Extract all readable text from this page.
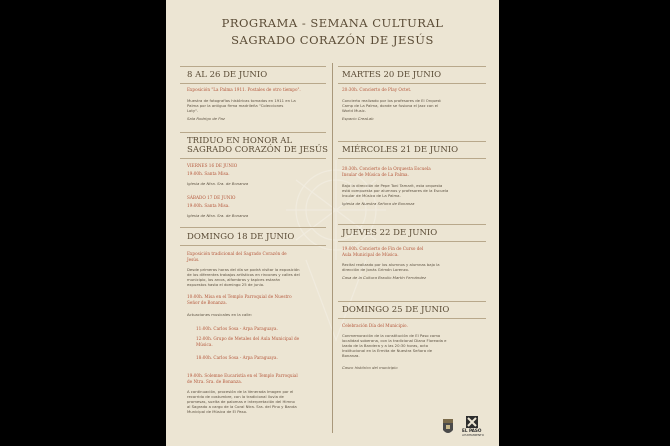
PROGRAMA - SEMANA CULTURAL
SAGRADO CORAZÓN DE JESÚS
8 AL 26 DE JUNIO
Exposición "La Palma 1911. Postales de otro tiempo".
Muestra de fotografías históricas tomadas en 1911 en La
Palma por la antigua firma madrileña "Colecciones
Loty".
Sala Rodrigo de Paz
TRIDUO EN HONOR AL
SAGRADO CORAZÓN DE JESÚS
VIERNES 16 DE JUNIO
19:00h. Santa Misa.
Iglesia de Ntra. Sra. de Bonanza
SÁBADO 17 DE JUNIO
19:00h. Santa Misa.
Iglesia de Ntra. Sra. de Bonanza
DOMINGO 18 DE JUNIO
Exposición tradicional del Sagrado Corazón de
Jesús.
Desde primeras horas del día se podrá visitar la exposición
de los diferentes trabajos artísticos en rincones y calles del
municipio, los arcos, alfombras y tapices estarán
expuestos hasta el domingo 25 de junio.
10:00h. Misa en el Templo Parroquial de Nuestro
Señor de Bonanza.
Actuaciones musicales en la calle:
11:00h. Carlos Sosa - Arpa Paraguaya.
12:00h. Grupo de Metales del Aula Municipal de
Música.
18:00h. Carlos Sosa - Arpa Paraguaya.
19:00h. Solemne Eucaristía en el Templo Parroquial
de Ntra. Sra. de Bonanza.
A continuación, procesión de la Venerada Imagen por el
recorrido de costumbre, con la tradicional lluvia de
promesas, suelta de palomas e interpretación del Himno
al Sagrado a cargo de la Coral Ntra. Sra. del Pino y Banda
Municipal de Música de El Paso.
MARTES 20 DE JUNIO
20:30h. Concierto de Play Octet.
Concierto realizado por los profesores de El Orquest
Camp de La Palma, donde se fusiona el Jazz con el
World Music.
Espacio CreaLab
MIÉRCOLES 21 DE JUNIO
20:30h. Concierto de la Orquesta Escuela
Insular de Música de La Palma.
Bajo la dirección de Pepe Toni Tamarit, esta orquesta
está compuesta por alumnos y profesores de la Escuela
Insular de Música de La Palma.
Iglesia de Nuestra Señora de Bonanza
JUEVES 22 DE JUNIO
19:00h. Concierto de Fin de Curso del
Aula Municipal de Música.
Recital realizado por los alumnos y alumnas bajo la
dirección de Jonás Grimón Lorenzo.
Casa de la Cultura Braulio Martín Fernández
DOMINGO 25 DE JUNIO
Celebración Día del Municipio.
Conmemoración de la constitución de El Paso como
localidad soberana, con la tradicional Diana Floreada e
Izado de la Bandera y a las 20:30 horas, acto
Institucional en la Ermita de Nuestra Señora de
Bonanza.
Casco histórico del municipio
EL PASO
AYUNTAMIENTO
